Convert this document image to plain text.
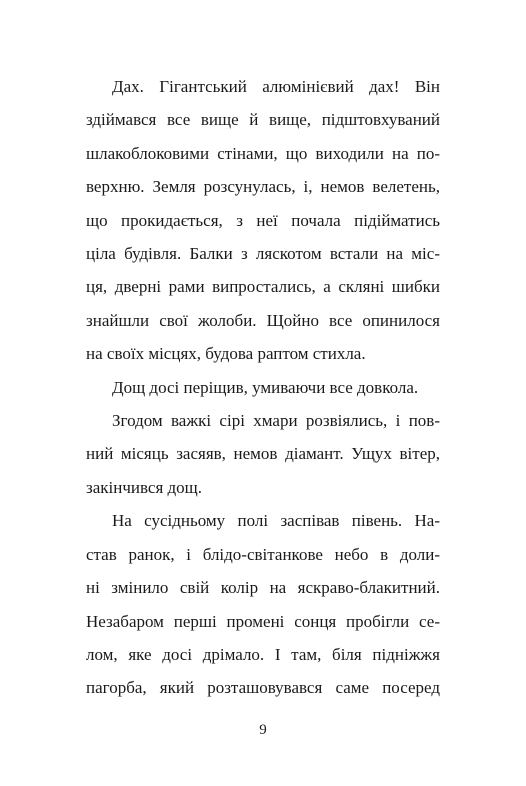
Дах. Гігантський алюмінієвий дах! Він
здіймався все вище й вище, підштовхуваний
шлакоблоковими стінами, що виходили на по-
верхню. Земля розсунулась, і, немов велетень,
що прокидається, з неї почала підійматись
ціла будівля. Балки з ляскотом встали на міс-
ця, дверні рами випростались, а скляні шибки
знайшли свої жолоби. Щойно все опинилося
на своїх місцях, будова раптом стихла.

Дощ досі періщив, умиваючи все довкола.

Згодом важкі сірі хмари розвіялись, і пов-
ний місяць засяяв, немов діамант. Ущух вітер,
закінчився дощ.

На сусідньому полі заспівав півень. На-
став ранок, і блідо-світанкове небо в доли-
ні змінило свій колір на яскраво-блакитний.
Незабаром перші промені сонця пробігли се-
лом, яке досі дрімало. І там, біля підніжжя
пагорба, який розташовувався саме посеред

9
